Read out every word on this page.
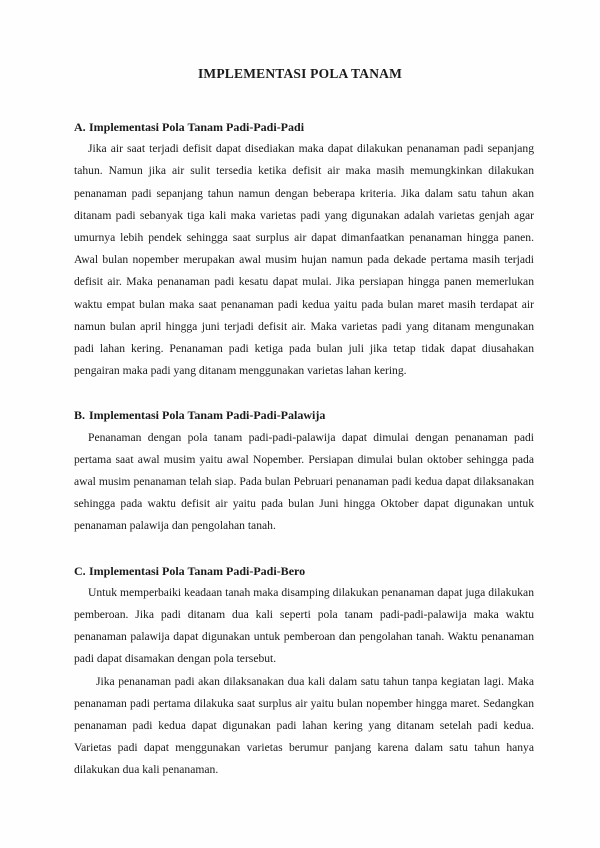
IMPLEMENTASI POLA TANAM

A. Implementasi Pola Tanam Padi-Padi-Padi

Jika air saat terjadi defisit dapat disediakan maka dapat dilakukan penanaman padi sepanjang tahun. Namun jika air sulit tersedia ketika defisit air maka masih memungkinkan dilakukan penanaman padi sepanjang tahun namun dengan beberapa kriteria. Jika dalam satu tahun akan ditanam padi sebanyak tiga kali maka varietas padi yang digunakan adalah varietas genjah agar umurnya lebih pendek sehingga saat surplus air dapat dimanfaatkan penanaman hingga panen. Awal bulan nopember merupakan awal musim hujan namun pada dekade pertama masih terjadi defisit air. Maka penanaman padi kesatu dapat mulai. Jika persiapan hingga panen memerlukan waktu empat bulan maka saat penanaman padi kedua yaitu pada bulan maret masih terdapat air namun bulan april hingga juni terjadi defisit air. Maka varietas padi yang ditanam mengunakan padi lahan kering. Penanaman padi ketiga pada bulan juli jika tetap tidak dapat diusahakan pengairan maka padi yang ditanam menggunakan varietas lahan kering.

B. Implementasi Pola Tanam Padi-Padi-Palawija

Penanaman dengan pola tanam padi-padi-palawija dapat dimulai dengan penanaman padi pertama saat awal musim yaitu awal Nopember. Persiapan dimulai bulan oktober sehingga pada awal musim penanaman telah siap. Pada bulan Pebruari penanaman padi kedua dapat dilaksanakan sehingga pada waktu defisit air yaitu pada bulan Juni hingga Oktober dapat digunakan untuk penanaman palawija dan pengolahan tanah.

C. Implementasi Pola Tanam Padi-Padi-Bero

Untuk memperbaiki keadaan tanah maka disamping dilakukan penanaman dapat juga dilakukan pemberoan. Jika padi ditanam dua kali seperti pola tanam padi-padi-palawija maka waktu penanaman palawija dapat digunakan untuk pemberoan dan pengolahan tanah. Waktu penanaman padi dapat disamakan dengan pola tersebut.

Jika penanaman padi akan dilaksanakan dua kali dalam satu tahun tanpa kegiatan lagi. Maka penanaman padi pertama dilakuka saat surplus air yaitu bulan nopember hingga maret. Sedangkan penanaman padi kedua dapat digunakan padi lahan kering yang ditanam setelah padi kedua. Varietas padi dapat menggunakan varietas berumur panjang karena dalam satu tahun hanya dilakukan dua kali penanaman.
